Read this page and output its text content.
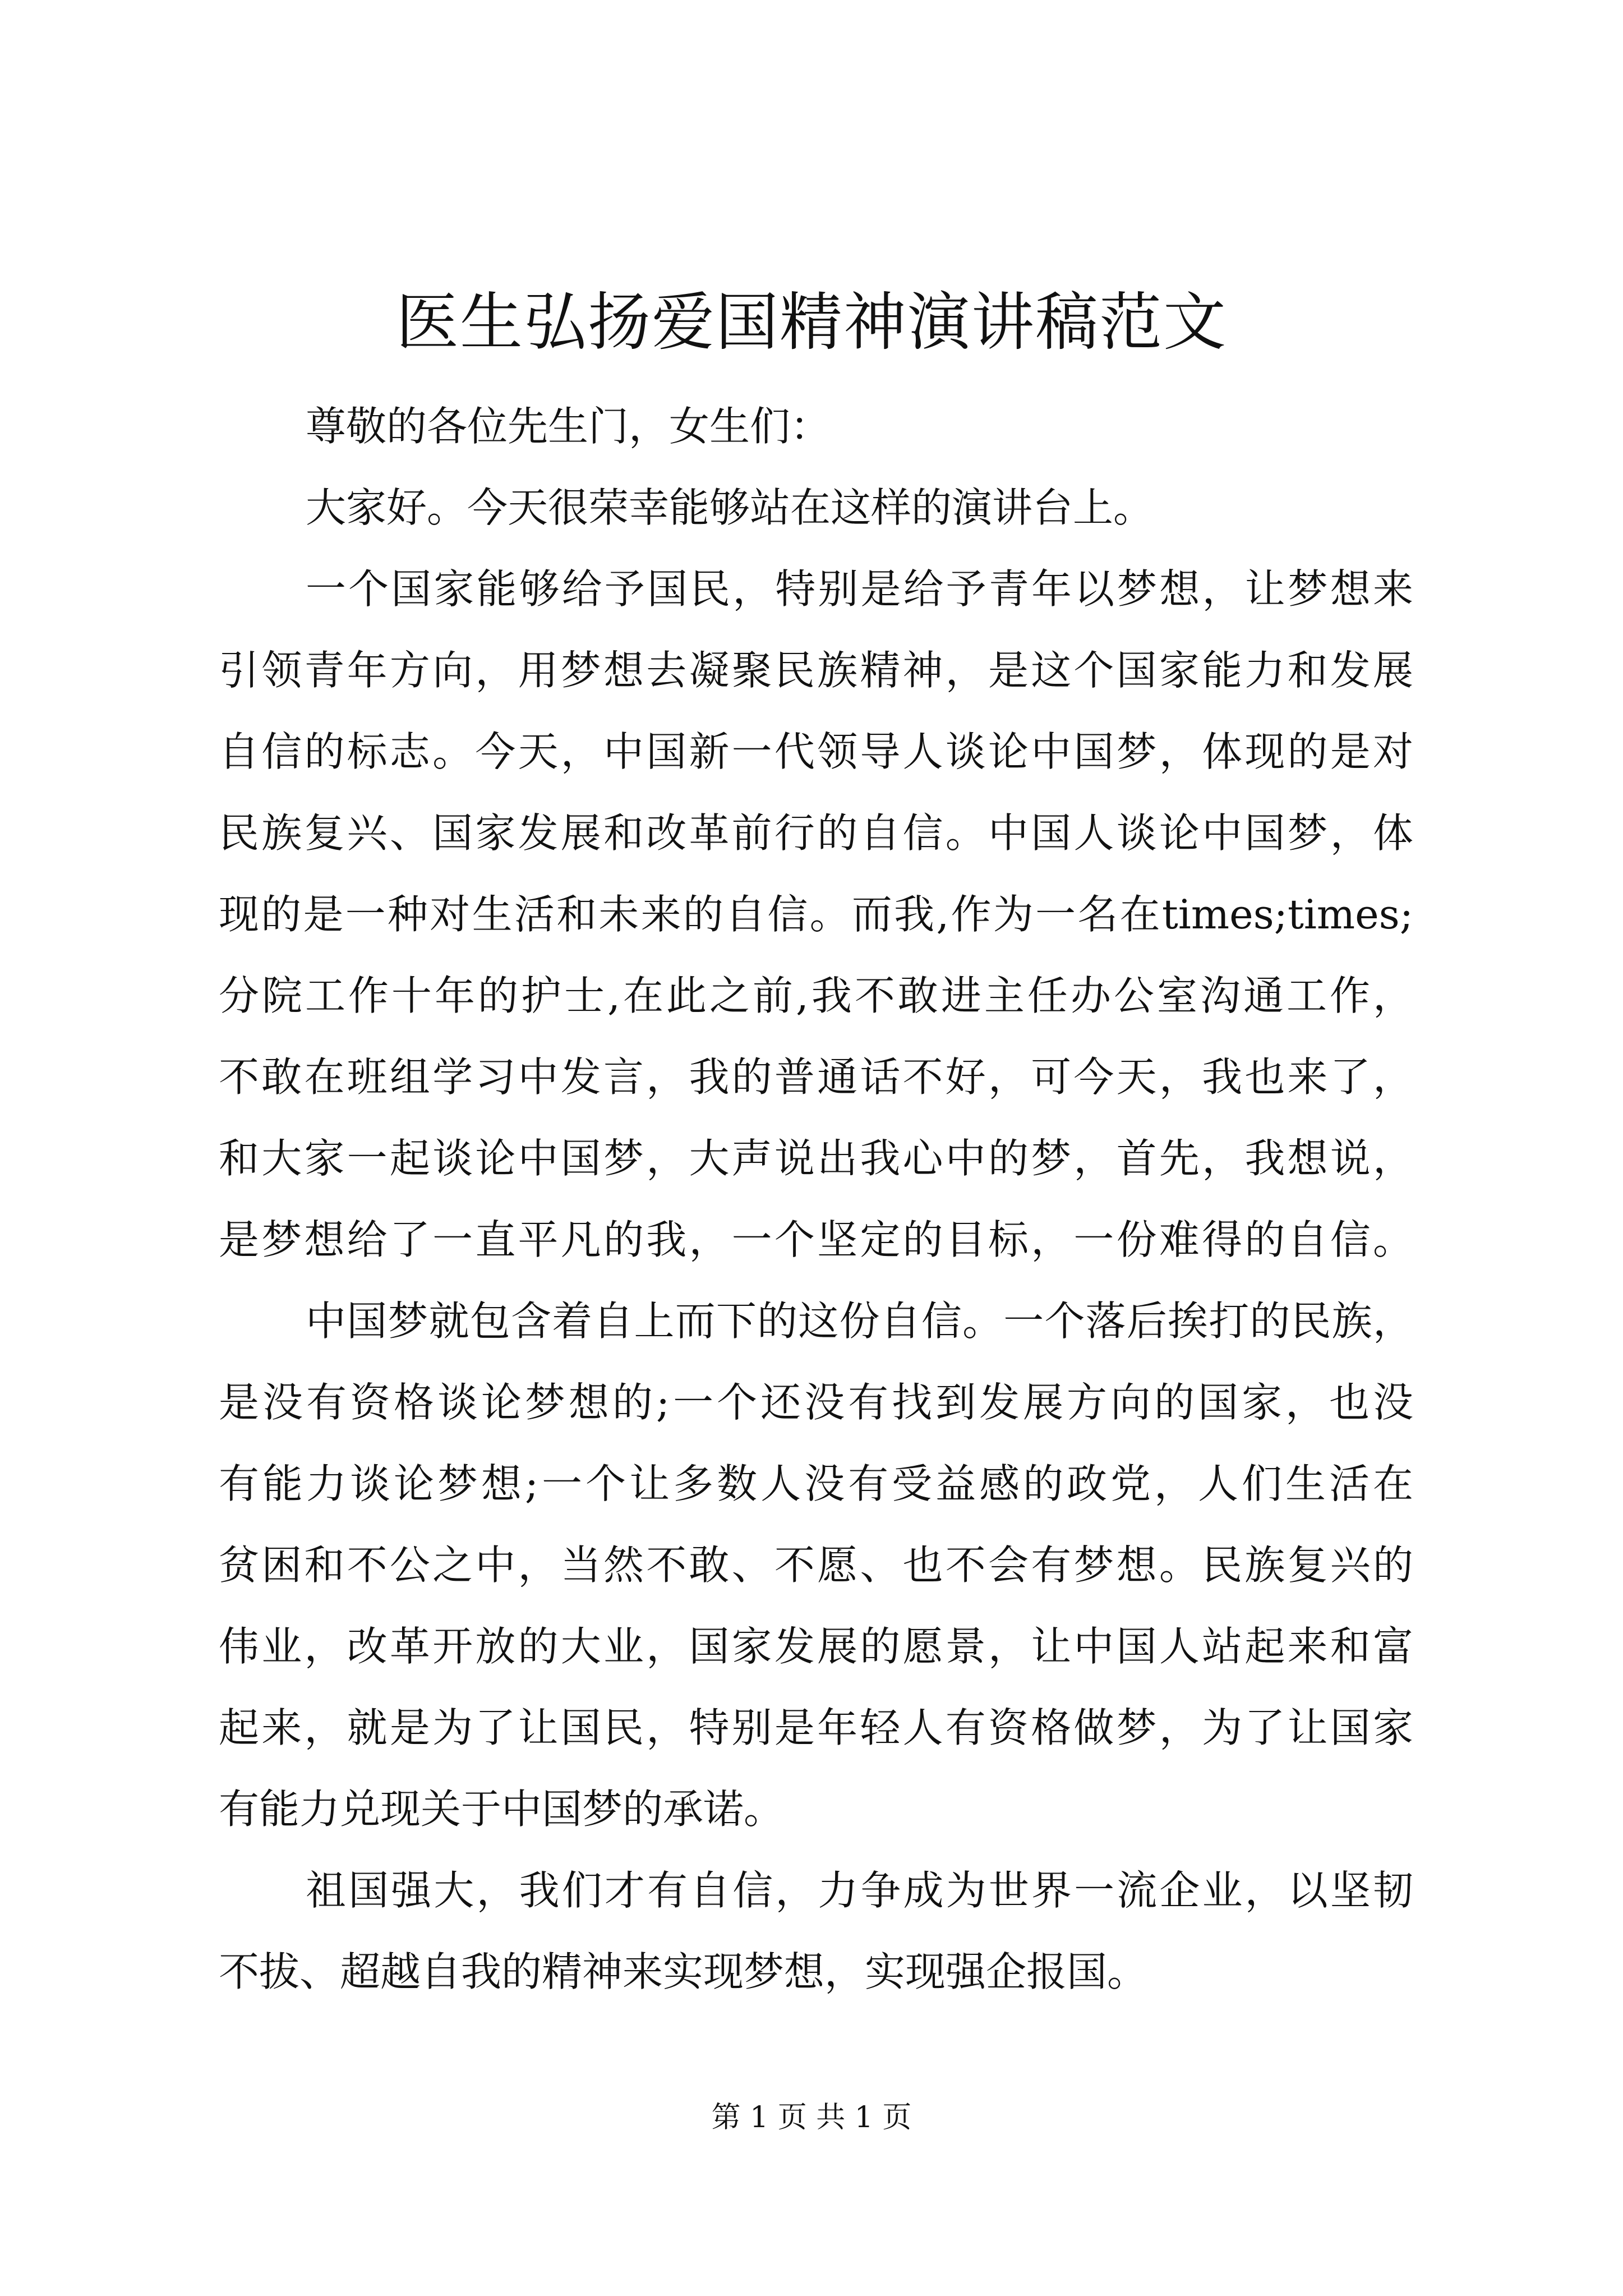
医生弘扬爱国精神演讲稿范文
尊敬的各位先生门，女生们：
大家好。今天很荣幸能够站在这样的演讲台上。
一个国家能够给予国民，特别是给予青年以梦想，让梦想来
引领青年方向，用梦想去凝聚民族精神，是这个国家能力和发展
自信的标志。今天，中国新一代领导人谈论中国梦，体现的是对
民族复兴、国家发展和改革前行的自信。中国人谈论中国梦，体
现的是一种对生活和未来的自信。而我,作为一名在times;times;
分院工作十年的护士,在此之前,我不敢进主任办公室沟通工作，
不敢在班组学习中发言，我的普通话不好，可今天，我也来了，
和大家一起谈论中国梦，大声说出我心中的梦，首先，我想说，
是梦想给了一直平凡的我，一个坚定的目标，一份难得的自信。
中国梦就包含着自上而下的这份自信。一个落后挨打的民族，
是没有资格谈论梦想的;一个还没有找到发展方向的国家，也没
有能力谈论梦想;一个让多数人没有受益感的政党，人们生活在
贫困和不公之中，当然不敢、不愿、也不会有梦想。民族复兴的
伟业，改革开放的大业，国家发展的愿景，让中国人站起来和富
起来，就是为了让国民，特别是年轻人有资格做梦，为了让国家
有能力兑现关于中国梦的承诺。
祖国强大，我们才有自信，力争成为世界一流企业，以坚韧
不拔、超越自我的精神来实现梦想，实现强企报国。
第 1 页 共 1 页
